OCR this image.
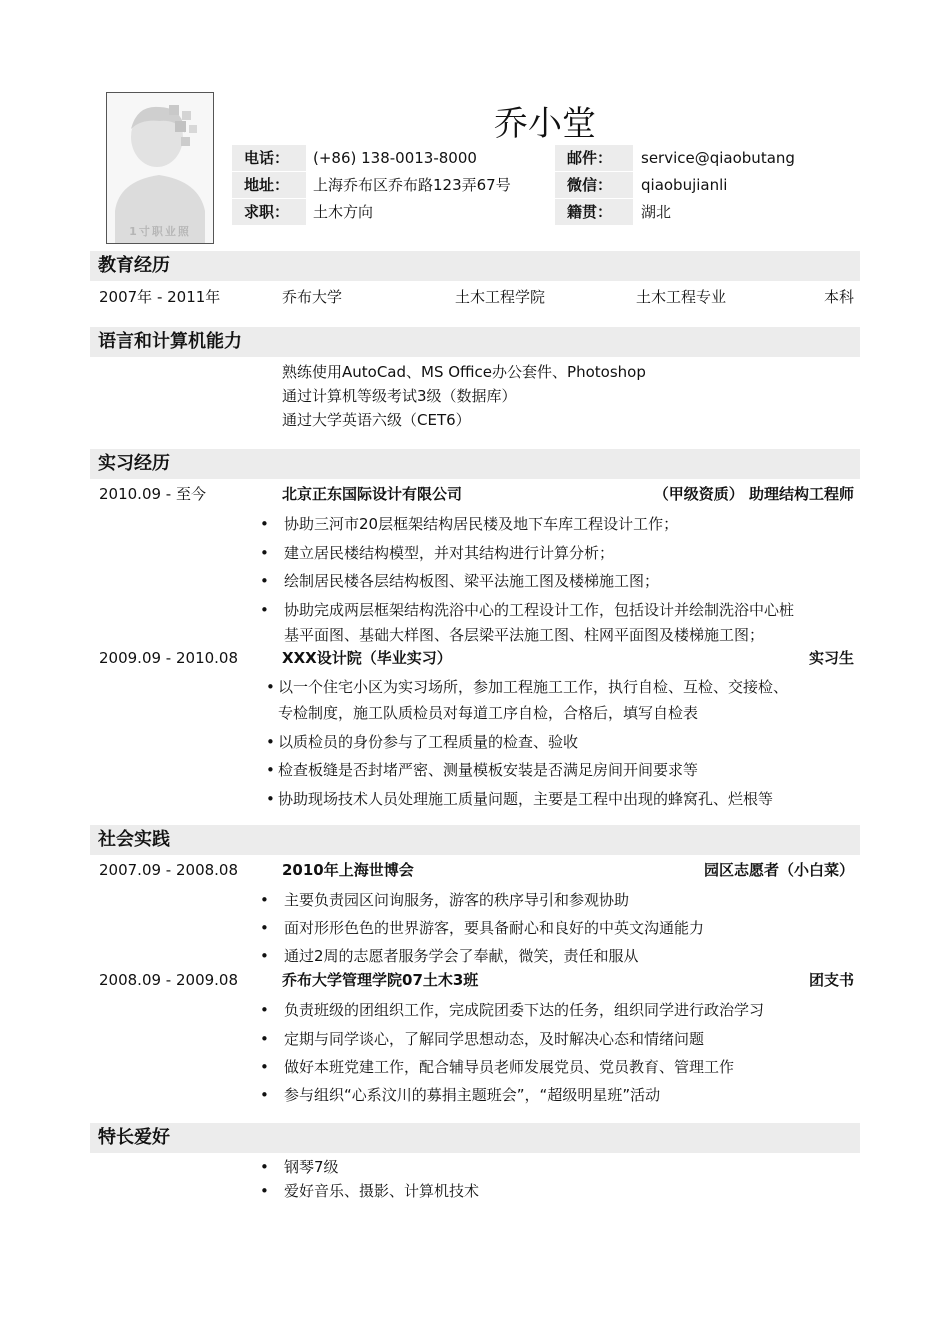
1寸职业照
乔小堂
电话：	(+86) 138-0013-8000
地址：	上海乔布区乔布路123弄67号
求职：	土木方向
邮件：	service@qiaobutang
微信：	qiaobujianli
籍贯：	湖北
教育经历
2007年 - 2011年	乔布大学	土木工程学院	土木工程专业	本科
语言和计算机能力
熟练使用AutoCad、MS Office办公套件、Photoshop
通过计算机等级考试3级（数据库）
通过大学英语六级（CET6）
实习经历
2010.09 - 至今	北京正东国际设计有限公司	（甲级资质） 助理结构工程师
• 协助三河市20层框架结构居民楼及地下车库工程设计工作；
• 建立居民楼结构模型，并对其结构进行计算分析；
• 绘制居民楼各层结构板图、梁平法施工图及楼梯施工图；
• 协助完成两层框架结构洗浴中心的工程设计工作，包括设计并绘制洗浴中心桩
基平面图、基础大样图、各层梁平法施工图、柱网平面图及楼梯施工图；
2009.09 - 2010.08	XXX设计院（毕业实习）	实习生
• 以一个住宅小区为实习场所，参加工程施工工作，执行自检、互检、交接检、
专检制度，施工队质检员对每道工序自检，合格后，填写自检表
• 以质检员的身份参与了工程质量的检查、验收
• 检查板缝是否封堵严密、测量模板安装是否满足房间开间要求等
• 协助现场技术人员处理施工质量问题，主要是工程中出现的蜂窝孔、烂根等
社会实践
2007.09 - 2008.08	2010年上海世博会	园区志愿者（小白菜）
• 主要负责园区问询服务，游客的秩序导引和参观协助
• 面对形形色色的世界游客，要具备耐心和良好的中英文沟通能力
• 通过2周的志愿者服务学会了奉献，微笑，责任和服从
2008.09 - 2009.08	乔布大学管理学院07土木3班	团支书
• 负责班级的团组织工作，完成院团委下达的任务，组织同学进行政治学习
• 定期与同学谈心，了解同学思想动态，及时解决心态和情绪问题
• 做好本班党建工作，配合辅导员老师发展党员、党员教育、管理工作
• 参与组织“心系汶川的募捐主题班会”，“超级明星班”活动
特长爱好
• 钢琴7级
• 爱好音乐、摄影、计算机技术
